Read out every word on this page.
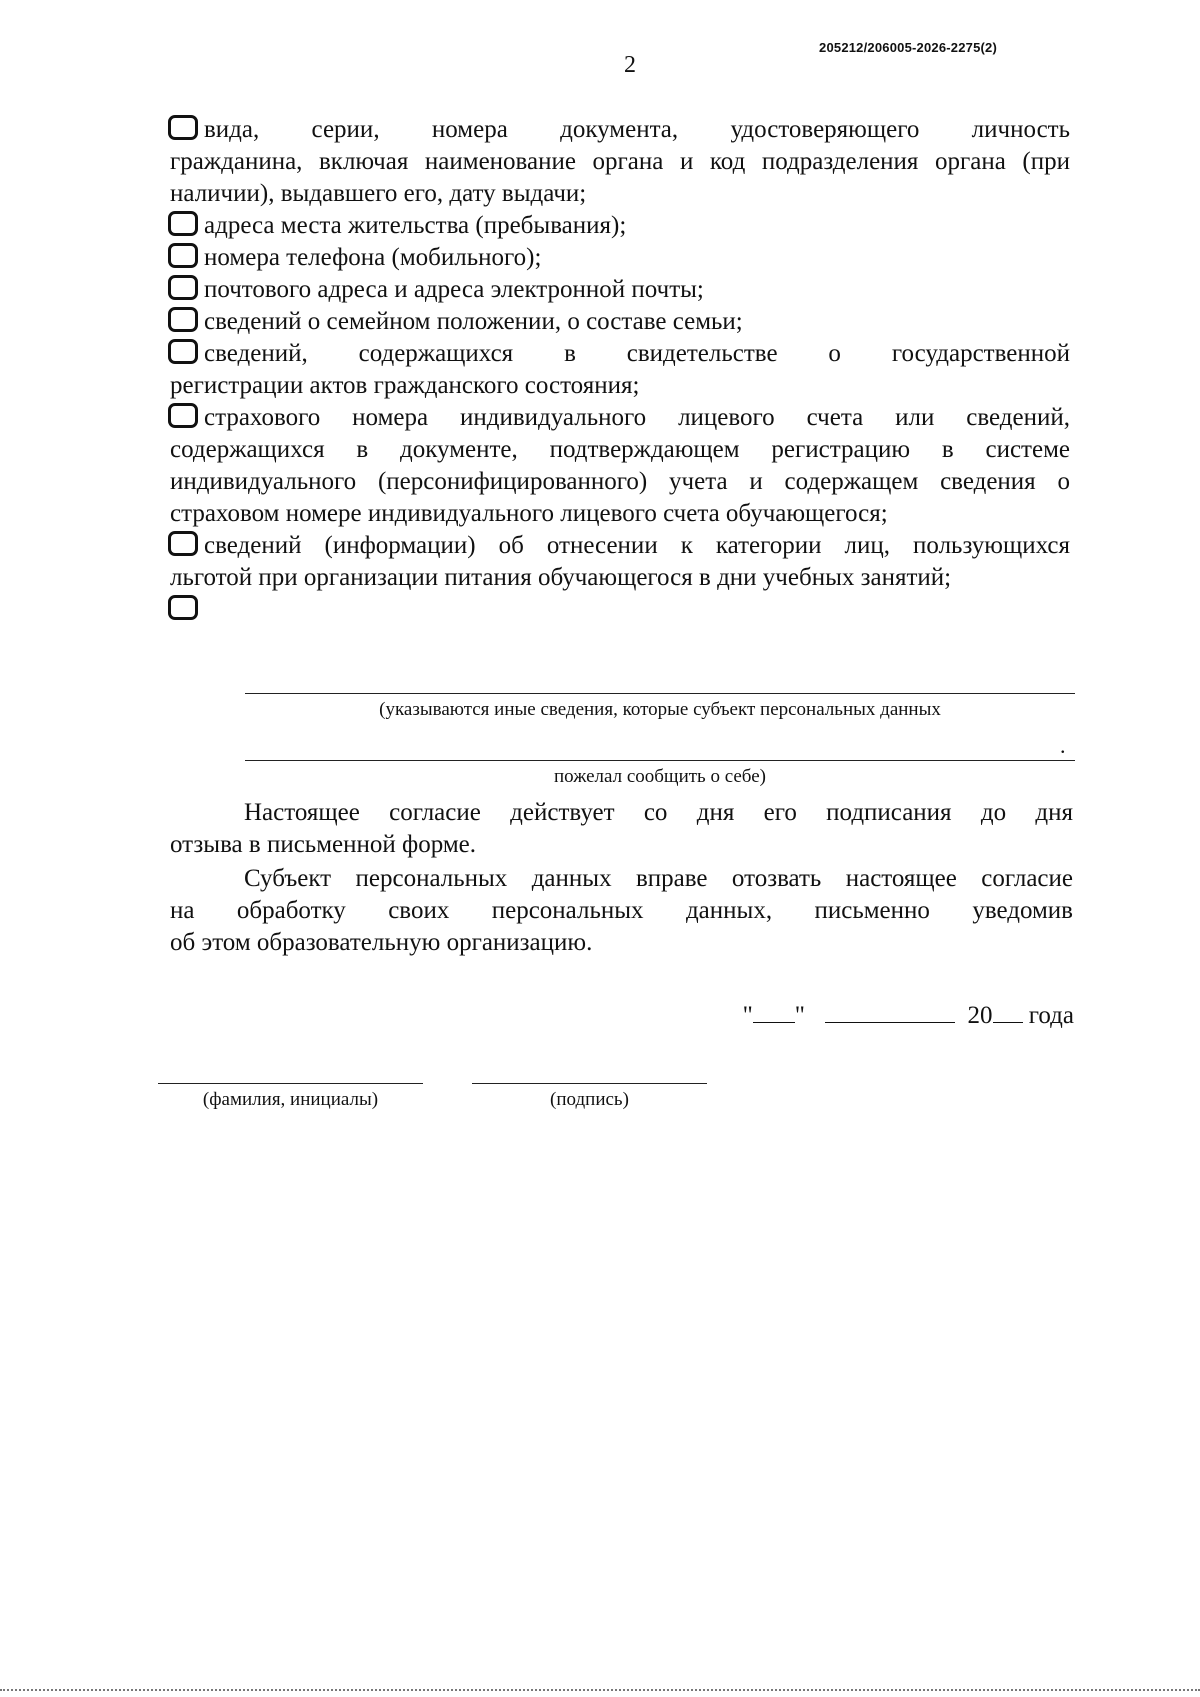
205212/206005-2026-2275(2)
2
вида, серии, номера документа, удостоверяющего личность
гражданина, включая наименование органа и код подразделения органа (при наличии), выдавшего его, дату выдачи;
адреса места жительства (пребывания);
номера телефона (мобильного);
почтового адреса и адреса электронной почты;
сведений о семейном положении, о составе семьи;
сведений, содержащихся в свидетельстве о государственной
регистрации актов гражданского состояния;
страхового номера индивидуального лицевого счета или сведений,
содержащихся в документе, подтверждающем регистрацию в системе индивидуального (персонифицированного) учета и содержащем сведения о страховом номере индивидуального лицевого счета обучающегося;
сведений (информации) об отнесении к категории лиц, пользующихся
льготой при организации питания обучающегося в дни учебных занятий;
(указываются иные сведения, которые субъект персональных данных
.
пожелал сообщить о себе)
Настоящее согласие действует со дня его подписания до дня
отзыва в письменной форме.
Субъект персональных данных вправе отозвать настоящее согласие
на обработку своих персональных данных, письменно уведомив
об этом образовательную организацию.
" "	20 года
(фамилия, инициалы)	(подпись)
